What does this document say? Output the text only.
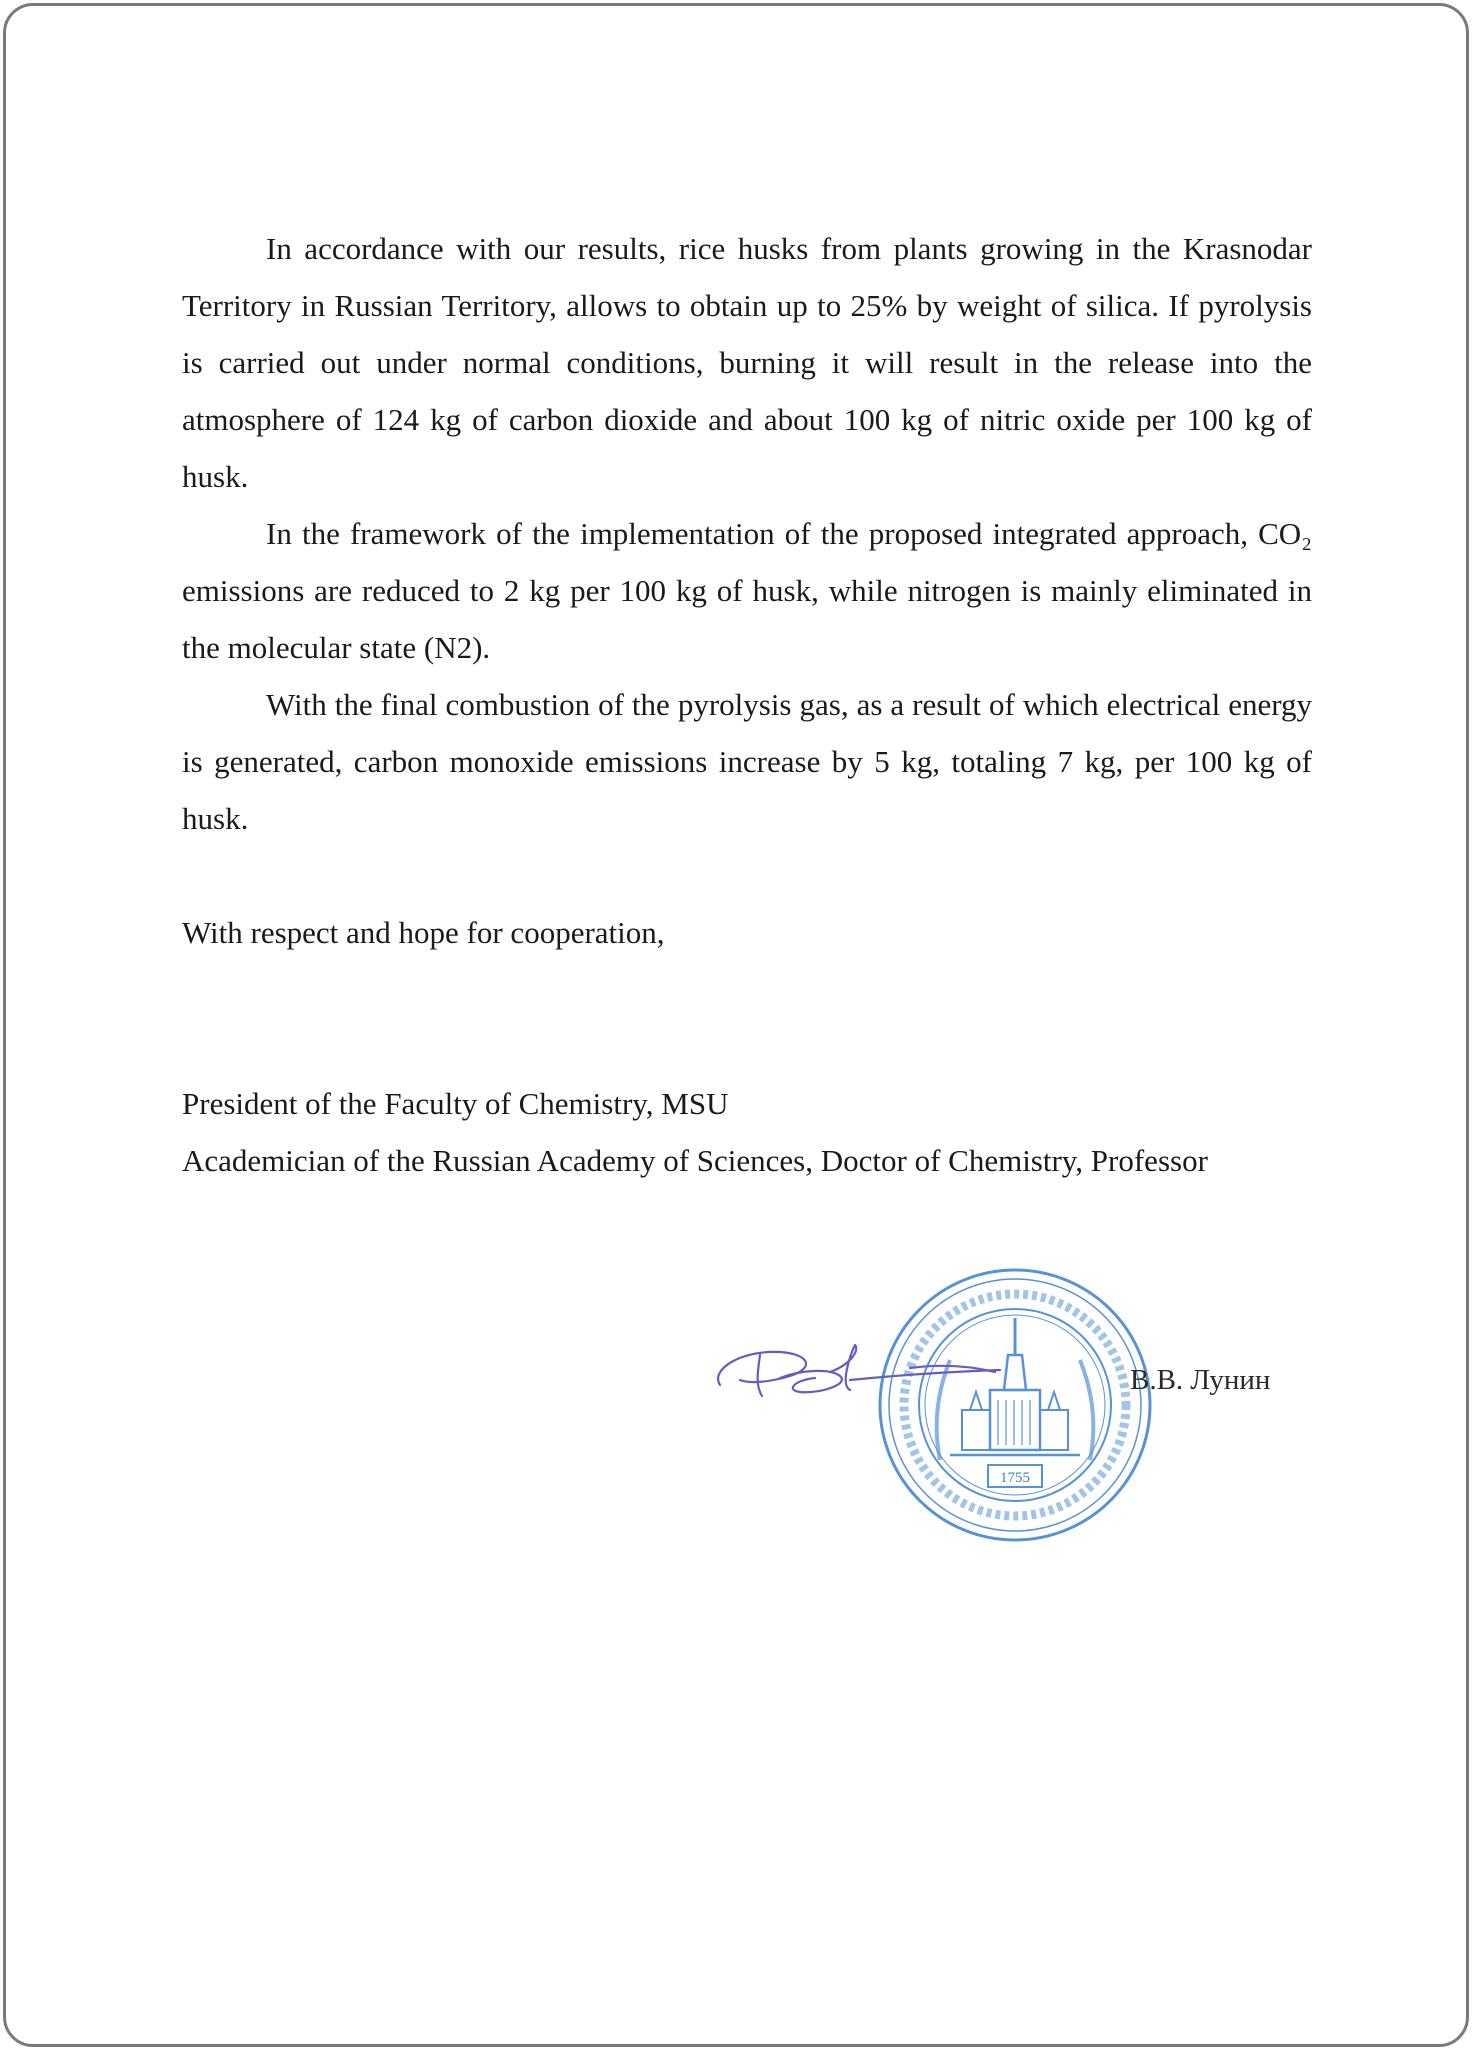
In accordance with our results, rice husks from plants growing in the Krasnodar Territory in Russian Territory, allows to obtain up to 25% by weight of silica. If pyrolysis is carried out under normal conditions, burning it will result in the release into the atmosphere of 124 kg of carbon dioxide and about 100 kg of nitric oxide per 100 kg of husk.

In the framework of the implementation of the proposed integrated approach, CO₂ emissions are reduced to 2 kg per 100 kg of husk, while nitrogen is mainly eliminated in the molecular state (N2).

With the final combustion of the pyrolysis gas, as a result of which electrical energy is generated, carbon monoxide emissions increase by 5 kg, totaling 7 kg, per 100 kg of husk.

With respect and hope for cooperation,

President of the Faculty of Chemistry, MSU

Academician of the Russian Academy of Sciences, Doctor of Chemistry, Professor

1755
В.В. Лунин
